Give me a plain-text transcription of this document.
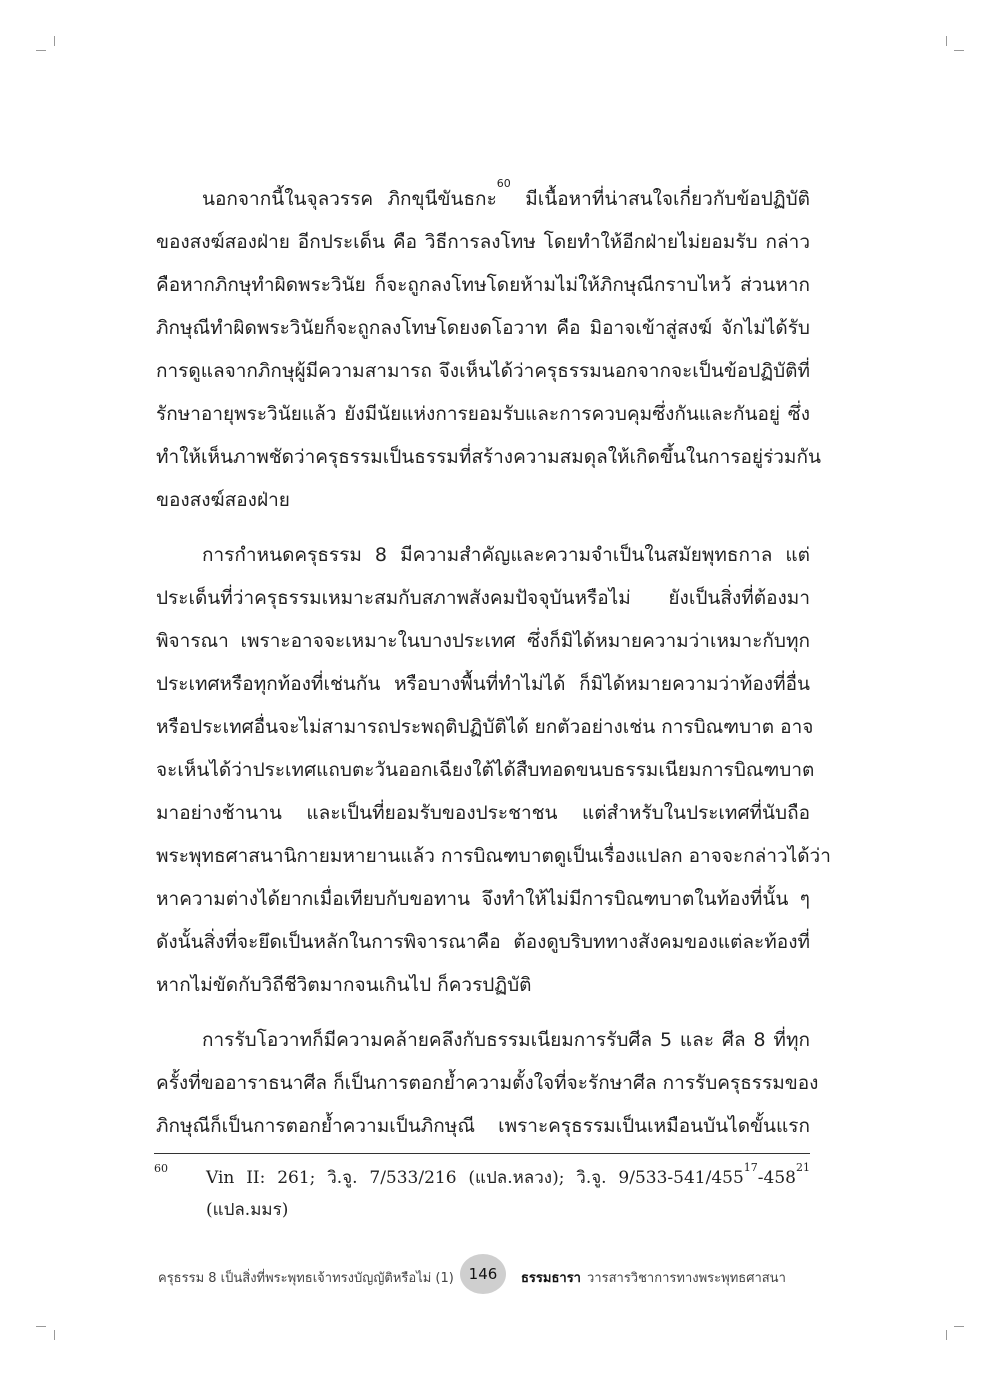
นอกจากนี้ในจุลวรรค ภิกขุนีขันธกะ$^{60}$ มีเนื้อหาที่น่าสนใจเกี่ยวกับข้อปฏิบัติ
ของสงฆ์สองฝ่าย อีกประเด็น คือ วิธีการลงโทษ โดยทำให้อีกฝ่ายไม่ยอมรับ กล่าว
คือหากภิกษุทำผิดพระวินัย ก็จะถูกลงโทษโดยห้ามไม่ให้ภิกษุณีกราบไหว้ ส่วนหาก
ภิกษุณีทำผิดพระวินัยก็จะถูกลงโทษโดยงดโอวาท คือ มิอาจเข้าสู่สงฆ์ จักไม่ได้รับ
การดูแลจากภิกษุผู้มีความสามารถ จึงเห็นได้ว่าครุธรรมนอกจากจะเป็นข้อปฏิบัติที่
รักษาอายุพระวินัยแล้ว ยังมีนัยแห่งการยอมรับและการควบคุมซึ่งกันและกันอยู่ ซึ่ง
ทำให้เห็นภาพชัดว่าครุธรรมเป็นธรรมที่สร้างความสมดุลให้เกิดขึ้นในการอยู่ร่วมกัน
ของสงฆ์สองฝ่าย
การกำหนดครุธรรม 8 มีความสำคัญและความจำเป็นในสมัยพุทธกาล แต่
ประเด็นที่ว่าครุธรรมเหมาะสมกับสภาพสังคมปัจจุบันหรือไม่ ยังเป็นสิ่งที่ต้องมา
พิจารณา เพราะอาจจะเหมาะในบางประเทศ ซึ่งก็มิได้หมายความว่าเหมาะกับทุก
ประเทศหรือทุกท้องที่เช่นกัน หรือบางพื้นที่ทำไม่ได้ ก็มิได้หมายความว่าท้องที่อื่น
หรือประเทศอื่นจะไม่สามารถประพฤติปฏิบัติได้ ยกตัวอย่างเช่น การบิณฑบาต อาจ
จะเห็นได้ว่าประเทศแถบตะวันออกเฉียงใต้ได้สืบทอดขนบธรรมเนียมการบิณฑบาต
มาอย่างช้านาน และเป็นที่ยอมรับของประชาชน แต่สำหรับในประเทศที่นับถือ
พระพุทธศาสนานิกายมหายานแล้ว การบิณฑบาตดูเป็นเรื่องแปลก อาจจะกล่าวได้ว่า
หาความต่างได้ยากเมื่อเทียบกับขอทาน จึงทำให้ไม่มีการบิณฑบาตในท้องที่นั้น ๆ
ดังนั้นสิ่งที่จะยึดเป็นหลักในการพิจารณาคือ ต้องดูบริบททางสังคมของแต่ละท้องที่
หากไม่ขัดกับวิถีชีวิตมากจนเกินไป ก็ควรปฏิบัติ
การรับโอวาทก็มีความคล้ายคลึงกับธรรมเนียมการรับศีล 5 และ ศีล 8 ที่ทุก
ครั้งที่ขออาราธนาศีล ก็เป็นการตอกย้ำความตั้งใจที่จะรักษาศีล การรับครุธรรมของ
ภิกษุณีก็เป็นการตอกย้ำความเป็นภิกษุณี เพราะครุธรรมเป็นเหมือนบันไดขั้นแรก
60 Vin II: 261; วิ.จู. 7/533/216 (แปล.หลวง); วิ.จู. $9/533-541/455^{17}-458^{21}$
(แปล.มมร)
ครุธรรม 8 เป็นสิ่งที่พระพุทธเจ้าทรงบัญญัติหรือไม่ (1) 146	ธรรมธารา วารสารวิชาการทางพระพุทธศาสนา
